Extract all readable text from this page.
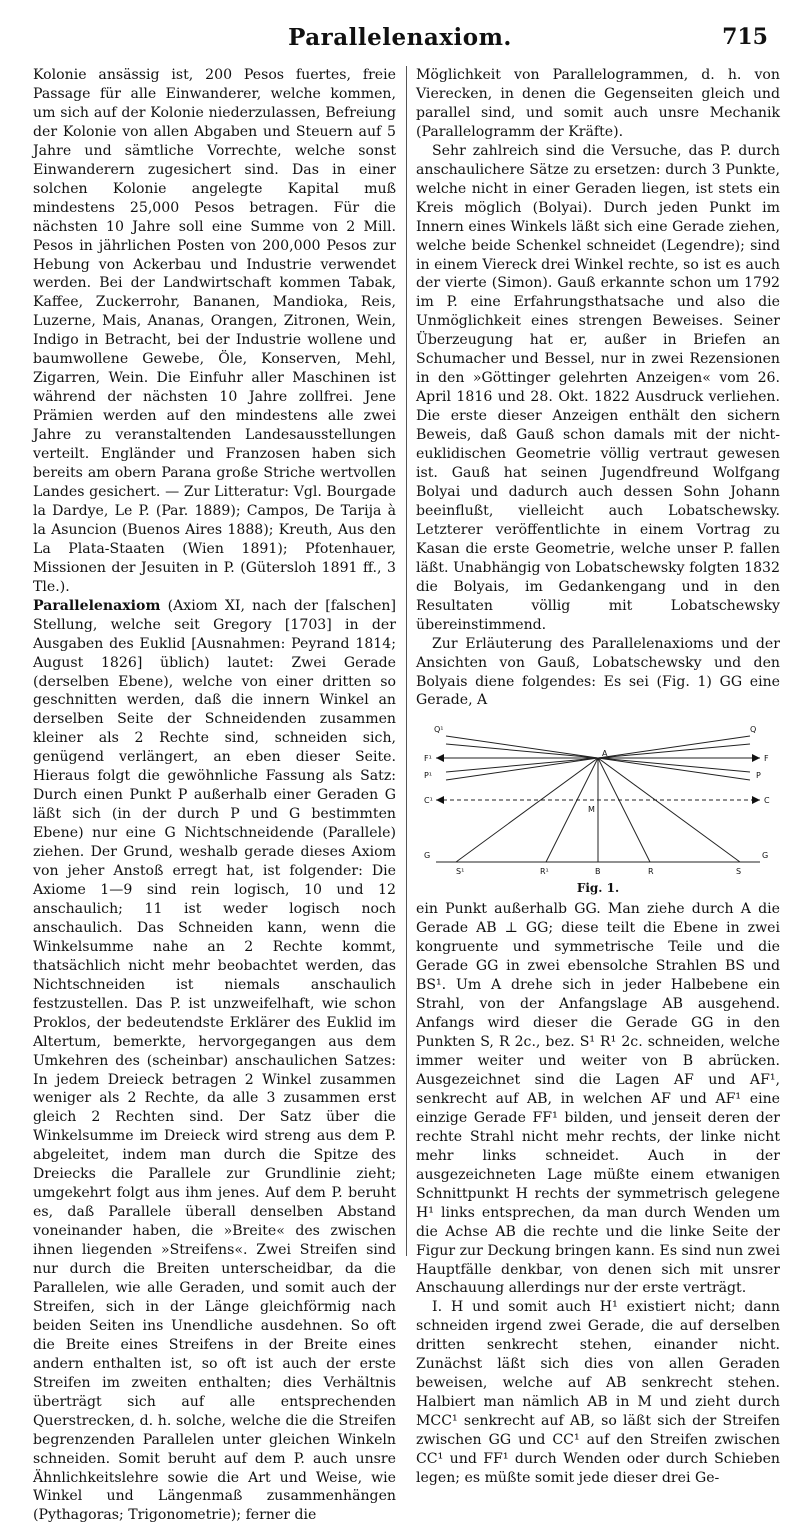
Parallelenaxiom.	715

Kolonie ansässig ist, 200 Pesos fuertes, freie Passage für alle Einwanderer, welche kommen, um sich auf der Kolonie niederzulassen, Befreiung der Kolonie von allen Abgaben und Steuern auf 5 Jahre und sämtliche Vorrechte, welche sonst Einwanderern zugesichert sind. Das in einer solchen Kolonie angelegte Kapital muß mindestens 25,000 Pesos betragen. Für die nächsten 10 Jahre soll eine Summe von 2 Mill. Pesos in jährlichen Posten von 200,000 Pesos zur Hebung von Ackerbau und Industrie verwendet werden. Bei der Landwirtschaft kommen Tabak, Kaffee, Zuckerrohr, Bananen, Mandioka, Reis, Luzerne, Mais, Ananas, Orangen, Zitronen, Wein, Indigo in Betracht, bei der Industrie wollene und baumwollene Gewebe, Öle, Konserven, Mehl, Zigarren, Wein. Die Einfuhr aller Maschinen ist während der nächsten 10 Jahre zollfrei. Jene Prämien werden auf den mindestens alle zwei Jahre zu veranstaltenden Landesausstellungen verteilt. Engländer und Franzosen haben sich bereits am obern Parana große Striche wertvollen Landes gesichert. — Zur Litteratur: Vgl. Bourgade la Dardye, Le P. (Par. 1889); Campos, De Tarija à la Asuncion (Buenos Aires 1888); Kreuth, Aus den La Plata-Staaten (Wien 1891); Pfotenhauer, Missionen der Jesuiten in P. (Gütersloh 1891 ff., 3 Tle.).

Parallelenaxiom (Axiom XI, nach der [falschen] Stellung, welche seit Gregory [1703] in der Ausgaben des Euklid [Ausnahmen: Peyrand 1814; August 1826] üblich) lautet: Zwei Gerade (derselben Ebene), welche von einer dritten so geschnitten werden, daß die innern Winkel an derselben Seite der Schneidenden zusammen kleiner als 2 Rechte sind, schneiden sich, genügend verlängert, an eben dieser Seite. Hieraus folgt die gewöhnliche Fassung als Satz: Durch einen Punkt P außerhalb einer Geraden G läßt sich (in der durch P und G bestimmten Ebene) nur eine G Nichtschneidende (Parallele) ziehen. Der Grund, weshalb gerade dieses Axiom von jeher Anstoß erregt hat, ist folgender: Die Axiome 1—9 sind rein logisch, 10 und 12 anschaulich; 11 ist weder logisch noch anschaulich. Das Schneiden kann, wenn die Winkelsumme nahe an 2 Rechte kommt, thatsächlich nicht mehr beobachtet werden, das Nichtschneiden ist niemals anschaulich festzustellen. Das P. ist unzweifelhaft, wie schon Proklos, der bedeutendste Erklärer des Euklid im Altertum, bemerkte, hervorgegangen aus dem Umkehren des (scheinbar) anschaulichen Satzes: In jedem Dreieck betragen 2 Winkel zusammen weniger als 2 Rechte, da alle 3 zusammen erst gleich 2 Rechten sind. Der Satz über die Winkelsumme im Dreieck wird streng aus dem P. abgeleitet, indem man durch die Spitze des Dreiecks die Parallele zur Grundlinie zieht; umgekehrt folgt aus ihm jenes. Auf dem P. beruht es, daß Parallele überall denselben Abstand voneinander haben, die »Breite« des zwischen ihnen liegenden »Streifens«. Zwei Streifen sind nur durch die Breiten unterscheidbar, da die Parallelen, wie alle Geraden, und somit auch der Streifen, sich in der Länge gleichförmig nach beiden Seiten ins Unendliche ausdehnen. So oft die Breite eines Streifens in der Breite eines andern enthalten ist, so oft ist auch der erste Streifen im zweiten enthalten; dies Verhältnis überträgt sich auf alle entsprechenden Querstrecken, d. h. solche, welche die die Streifen begrenzenden Parallelen unter gleichen Winkeln schneiden. Somit beruht auf dem P. auch unsre Ähnlichkeitslehre sowie die Art und Weise, wie Winkel und Längenmaß zusammenhängen (Pythagoras; Trigonometrie); ferner die

Möglichkeit von Parallelogrammen, d. h. von Vierecken, in denen die Gegenseiten gleich und parallel sind, und somit auch unsre Mechanik (Parallelogramm der Kräfte).

Sehr zahlreich sind die Versuche, das P. durch anschaulichere Sätze zu ersetzen: durch 3 Punkte, welche nicht in einer Geraden liegen, ist stets ein Kreis möglich (Bolyai). Durch jeden Punkt im Innern eines Winkels läßt sich eine Gerade ziehen, welche beide Schenkel schneidet (Legendre); sind in einem Viereck drei Winkel rechte, so ist es auch der vierte (Simon). Gauß erkannte schon um 1792 im P. eine Erfahrungsthatsache und also die Unmöglichkeit eines strengen Beweises. Seiner Überzeugung hat er, außer in Briefen an Schumacher und Bessel, nur in zwei Rezensionen in den »Göttinger gelehrten Anzeigen« vom 26. April 1816 und 28. Okt. 1822 Ausdruck verliehen. Die erste dieser Anzeigen enthält den sichern Beweis, daß Gauß schon damals mit der nicht-euklidischen Geometrie völlig vertraut gewesen ist. Gauß hat seinen Jugendfreund Wolfgang Bolyai und dadurch auch dessen Sohn Johann beeinflußt, vielleicht auch Lobatschewsky. Letzterer veröffentlichte in einem Vortrag zu Kasan die erste Geometrie, welche unser P. fallen läßt. Unabhängig von Lobatschewsky folgten 1832 die Bolyais, im Gedankengang und in den Resultaten völlig mit Lobatschewsky übereinstimmend.

Zur Erläuterung des Parallelenaxioms und der Ansichten von Gauß, Lobatschewsky und den Bolyais diene folgendes: Es sei (Fig. 1) GG eine Gerade, A

Q¹	Q
F¹	F
P¹	P
C¹	C
A
M
G	G
S¹	R¹	B	R	S
Fig. 1.

ein Punkt außerhalb GG. Man ziehe durch A die Gerade AB ⊥ GG; diese teilt die Ebene in zwei kongruente und symmetrische Teile und die Gerade GG in zwei ebensolche Strahlen BS und BS¹. Um A drehe sich in jeder Halbebene ein Strahl, von der Anfangslage AB ausgehend. Anfangs wird dieser die Gerade GG in den Punkten S, R 2c., bez. S¹ R¹ 2c. schneiden, welche immer weiter und weiter von B abrücken. Ausgezeichnet sind die Lagen AF und AF¹, senkrecht auf AB, in welchen AF und AF¹ eine einzige Gerade FF¹ bilden, und jenseit deren der rechte Strahl nicht mehr rechts, der linke nicht mehr links schneidet. Auch in der ausgezeichneten Lage müßte einem etwanigen Schnittpunkt H rechts der symmetrisch gelegene H¹ links entsprechen, da man durch Wenden um die Achse AB die rechte und die linke Seite der Figur zur Deckung bringen kann. Es sind nun zwei Hauptfälle denkbar, von denen sich mit unsrer Anschauung allerdings nur der erste verträgt.

I. H und somit auch H¹ existiert nicht; dann schneiden irgend zwei Gerade, die auf derselben dritten senkrecht stehen, einander nicht. Zunächst läßt sich dies von allen Geraden beweisen, welche auf AB senkrecht stehen. Halbiert man nämlich AB in M und zieht durch MCC¹ senkrecht auf AB, so läßt sich der Streifen zwischen GG und CC¹ auf den Streifen zwischen CC¹ und FF¹ durch Wenden oder durch Schieben legen; es müßte somit jede dieser drei Ge-
